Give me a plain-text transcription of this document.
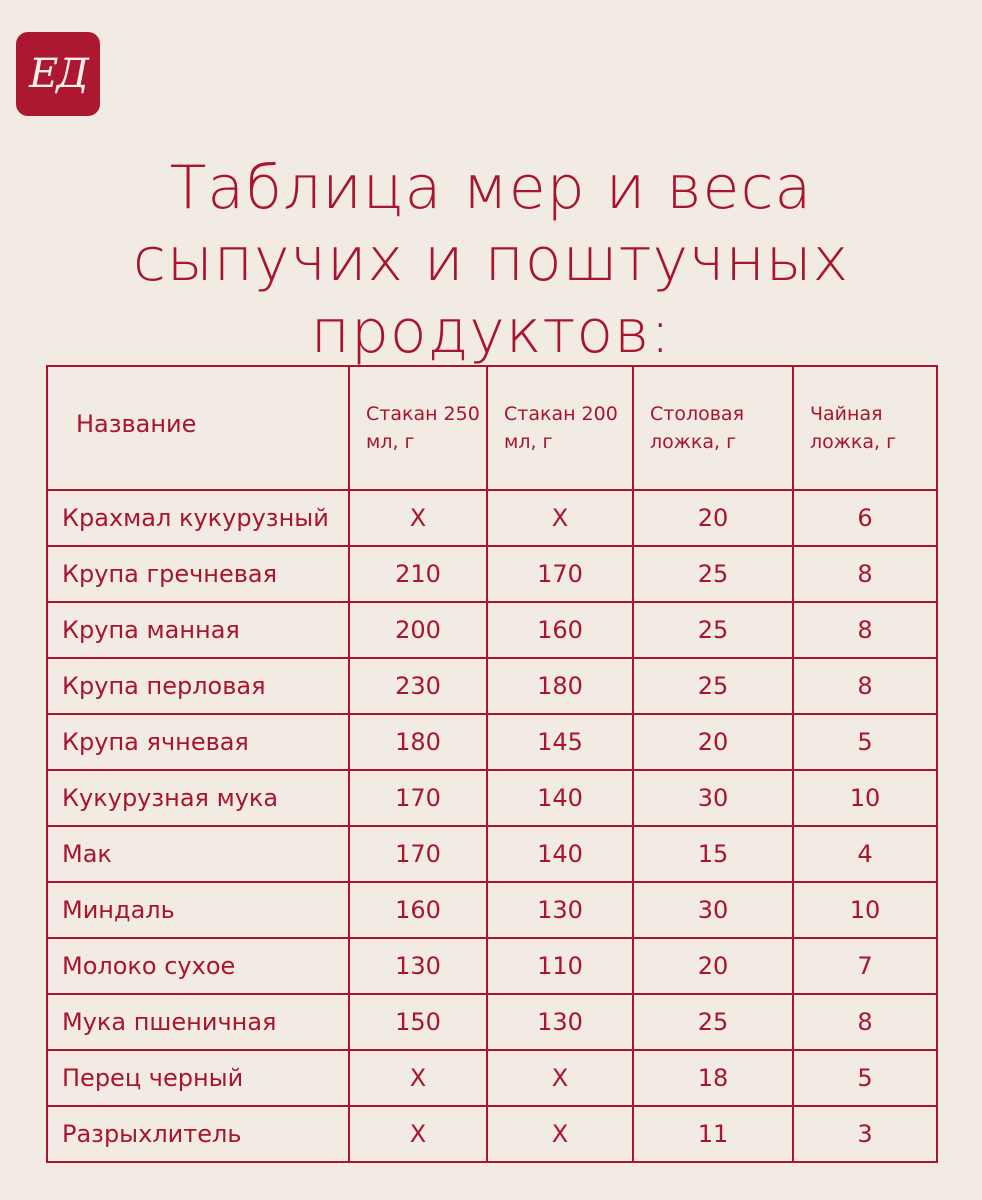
ЕД
Таблица мер и веса
сыпучих и поштучных
продуктов:
Название	Стакан 250 мл, г	Стакан 200 мл, г	Столовая ложка, г	Чайная ложка, г
Крахмал кукурузный	X	X	20	6
Крупа гречневая	210	170	25	8
Крупа манная	200	160	25	8
Крупа перловая	230	180	25	8
Крупа ячневая	180	145	20	5
Кукурузная мука	170	140	30	10
Мак	170	140	15	4
Миндаль	160	130	30	10
Молоко сухое	130	110	20	7
Мука пшеничная	150	130	25	8
Перец черный	X	X	18	5
Разрыхлитель	X	X	11	3
